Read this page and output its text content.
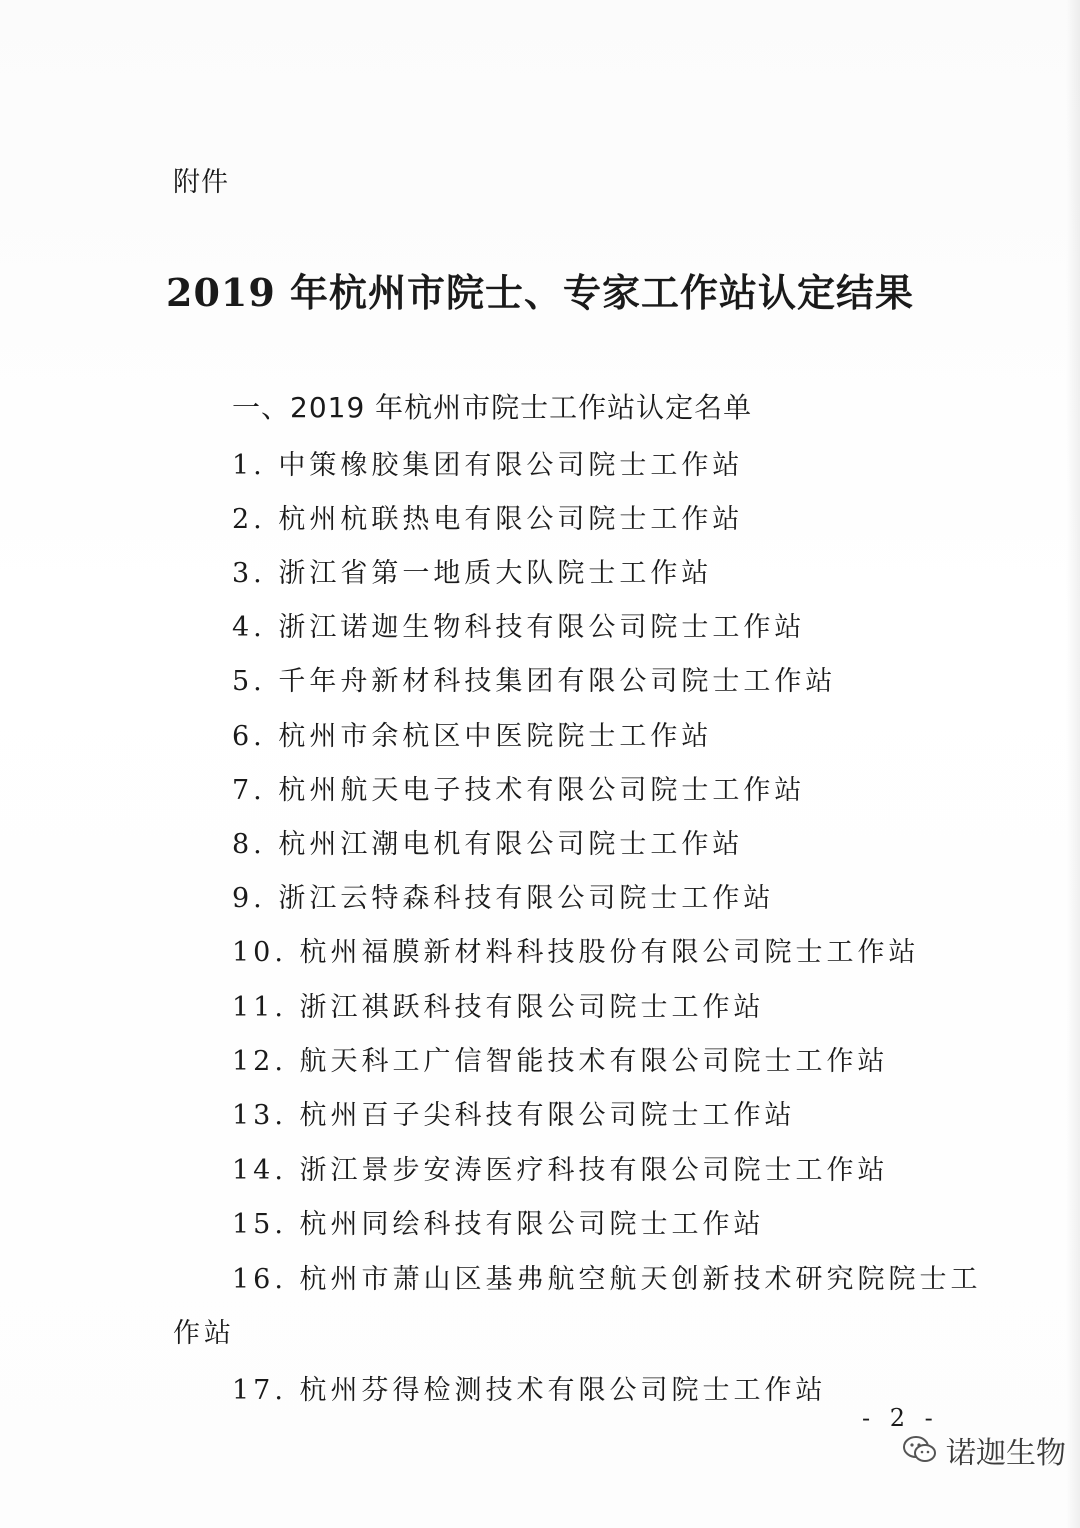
附件
2019 年杭州市院士、专家工作站认定结果
一、2019 年杭州市院士工作站认定名单
1. 中策橡胶集团有限公司院士工作站
2. 杭州杭联热电有限公司院士工作站
3. 浙江省第一地质大队院士工作站
4. 浙江诺迦生物科技有限公司院士工作站
5. 千年舟新材科技集团有限公司院士工作站
6. 杭州市余杭区中医院院士工作站
7. 杭州航天电子技术有限公司院士工作站
8. 杭州江潮电机有限公司院士工作站
9. 浙江云特森科技有限公司院士工作站
10. 杭州福膜新材料科技股份有限公司院士工作站
11. 浙江祺跃科技有限公司院士工作站
12. 航天科工广信智能技术有限公司院士工作站
13. 杭州百子尖科技有限公司院士工作站
14. 浙江景步安涛医疗科技有限公司院士工作站
15. 杭州同绘科技有限公司院士工作站
16. 杭州市萧山区基弗航空航天创新技术研究院院士工
作站
17. 杭州芬得检测技术有限公司院士工作站
- 2 -
诺迦生物
